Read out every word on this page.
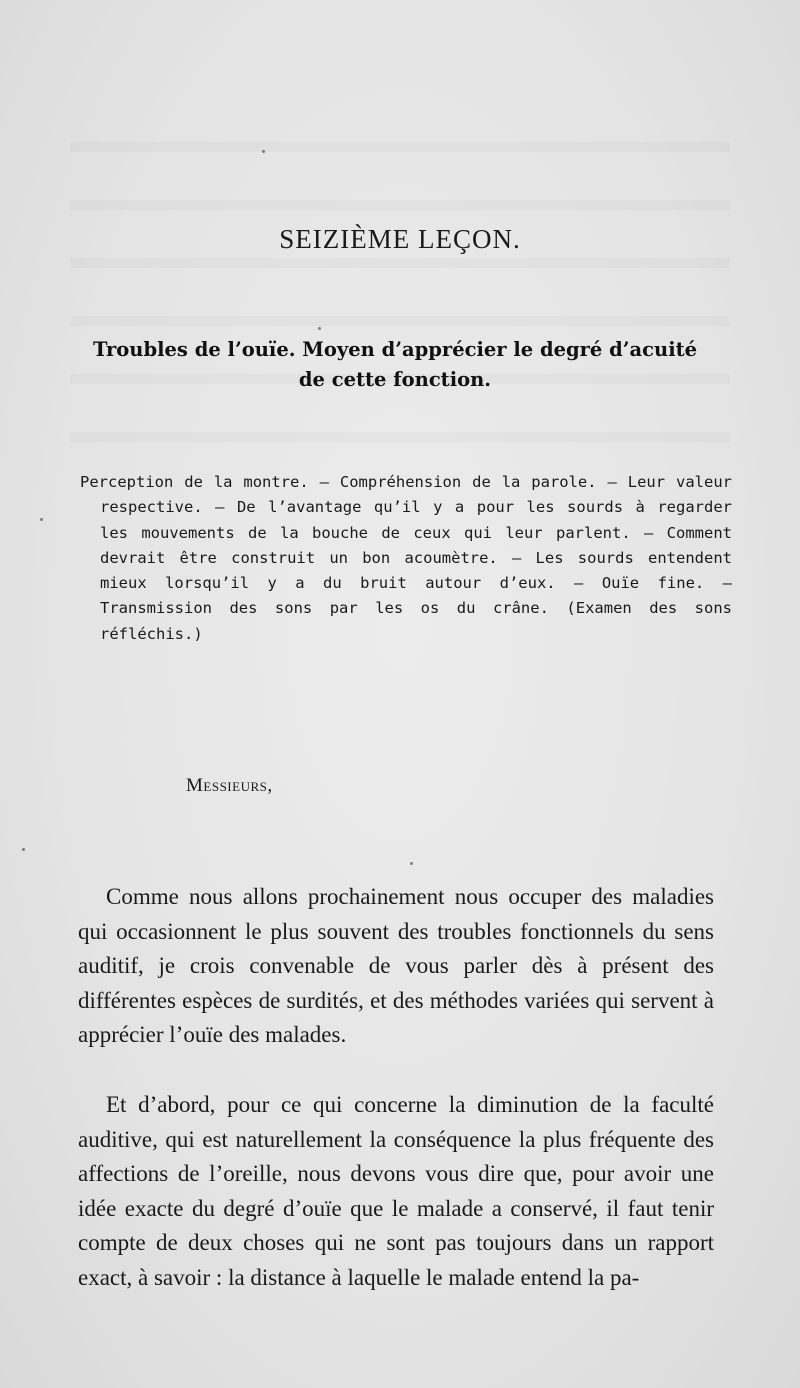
SEIZIÈME LEÇON.
Troubles de l’ouïe. Moyen d’apprécier le degré d’acuité de cette fonction.

Perception de la montre. — Compréhension de la parole. — Leur valeur respective. — De l’avantage qu’il y a pour les sourds à regarder les mouvements de la bouche de ceux qui leur parlent. — Comment devrait être construit un bon acoumètre. — Les sourds entendent mieux lorsqu’il y a du bruit autour d’eux. — Ouïe fine. — Transmission des sons par les os du crâne. (Examen des sons réfléchis.)

Messieurs,

Comme nous allons prochainement nous occuper des maladies qui occasionnent le plus souvent des troubles fonctionnels du sens auditif, je crois convenable de vous parler dès à présent des différentes espèces de surdités, et des méthodes variées qui servent à apprécier l’ouïe des malades.

Et d’abord, pour ce qui concerne la diminution de la faculté auditive, qui est naturellement la conséquence la plus fréquente des affections de l’oreille, nous devons vous dire que, pour avoir une idée exacte du degré d’ouïe que le malade a conservé, il faut tenir compte de deux choses qui ne sont pas toujours dans un rapport exact, à savoir : la distance à laquelle le malade entend la pa-
